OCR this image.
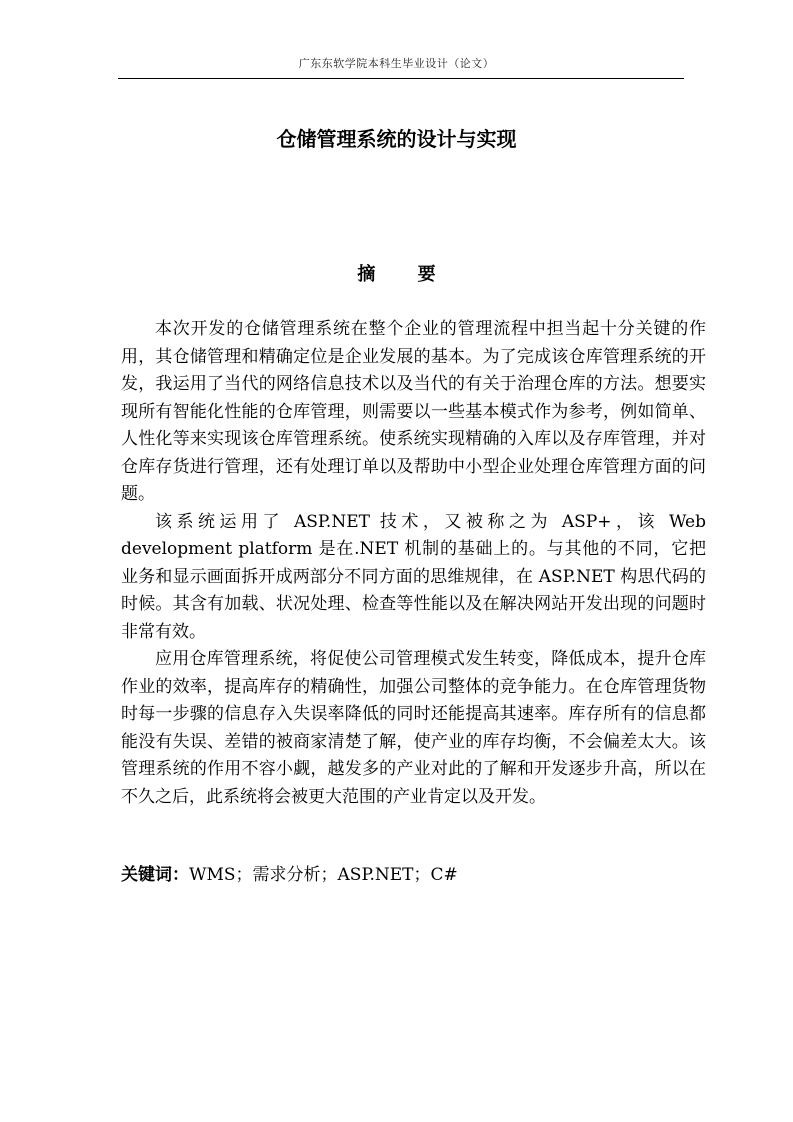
广东东软学院本科生毕业设计（论文）
仓储管理系统的设计与实现
摘 要

本次开发的仓储管理系统在整个企业的管理流程中担当起十分关键的作用，其仓储管理和精确定位是企业发展的基本。为了完成该仓库管理系统的开发，我运用了当代的网络信息技术以及当代的有关于治理仓库的方法。想要实现所有智能化性能的仓库管理，则需要以一些基本模式作为参考，例如简单、人性化等来实现该仓库管理系统。使系统实现精确的入库以及存库管理，并对仓库存货进行管理，还有处理订单以及帮助中小型企业处理仓库管理方面的问题。

该系统运用了 ASP.NET 技术，又被称之为 ASP+，该 Web development platform 是在.NET 机制的基础上的。与其他的不同，它把业务和显示画面拆开成两部分不同方面的思维规律，在 ASP.NET 构思代码的时候。其含有加载、状况处理、检查等性能以及在解决网站开发出现的问题时非常有效。

应用仓库管理系统，将促使公司管理模式发生转变，降低成本，提升仓库作业的效率，提高库存的精确性，加强公司整体的竞争能力。在仓库管理货物时每一步骤的信息存入失误率降低的同时还能提高其速率。库存所有的信息都能没有失误、差错的被商家清楚了解，使产业的库存均衡，不会偏差太大。该管理系统的作用不容小觑，越发多的产业对此的了解和开发逐步升高，所以在不久之后，此系统将会被更大范围的产业肯定以及开发。

关键词：WMS；需求分析；ASP.NET；C#
